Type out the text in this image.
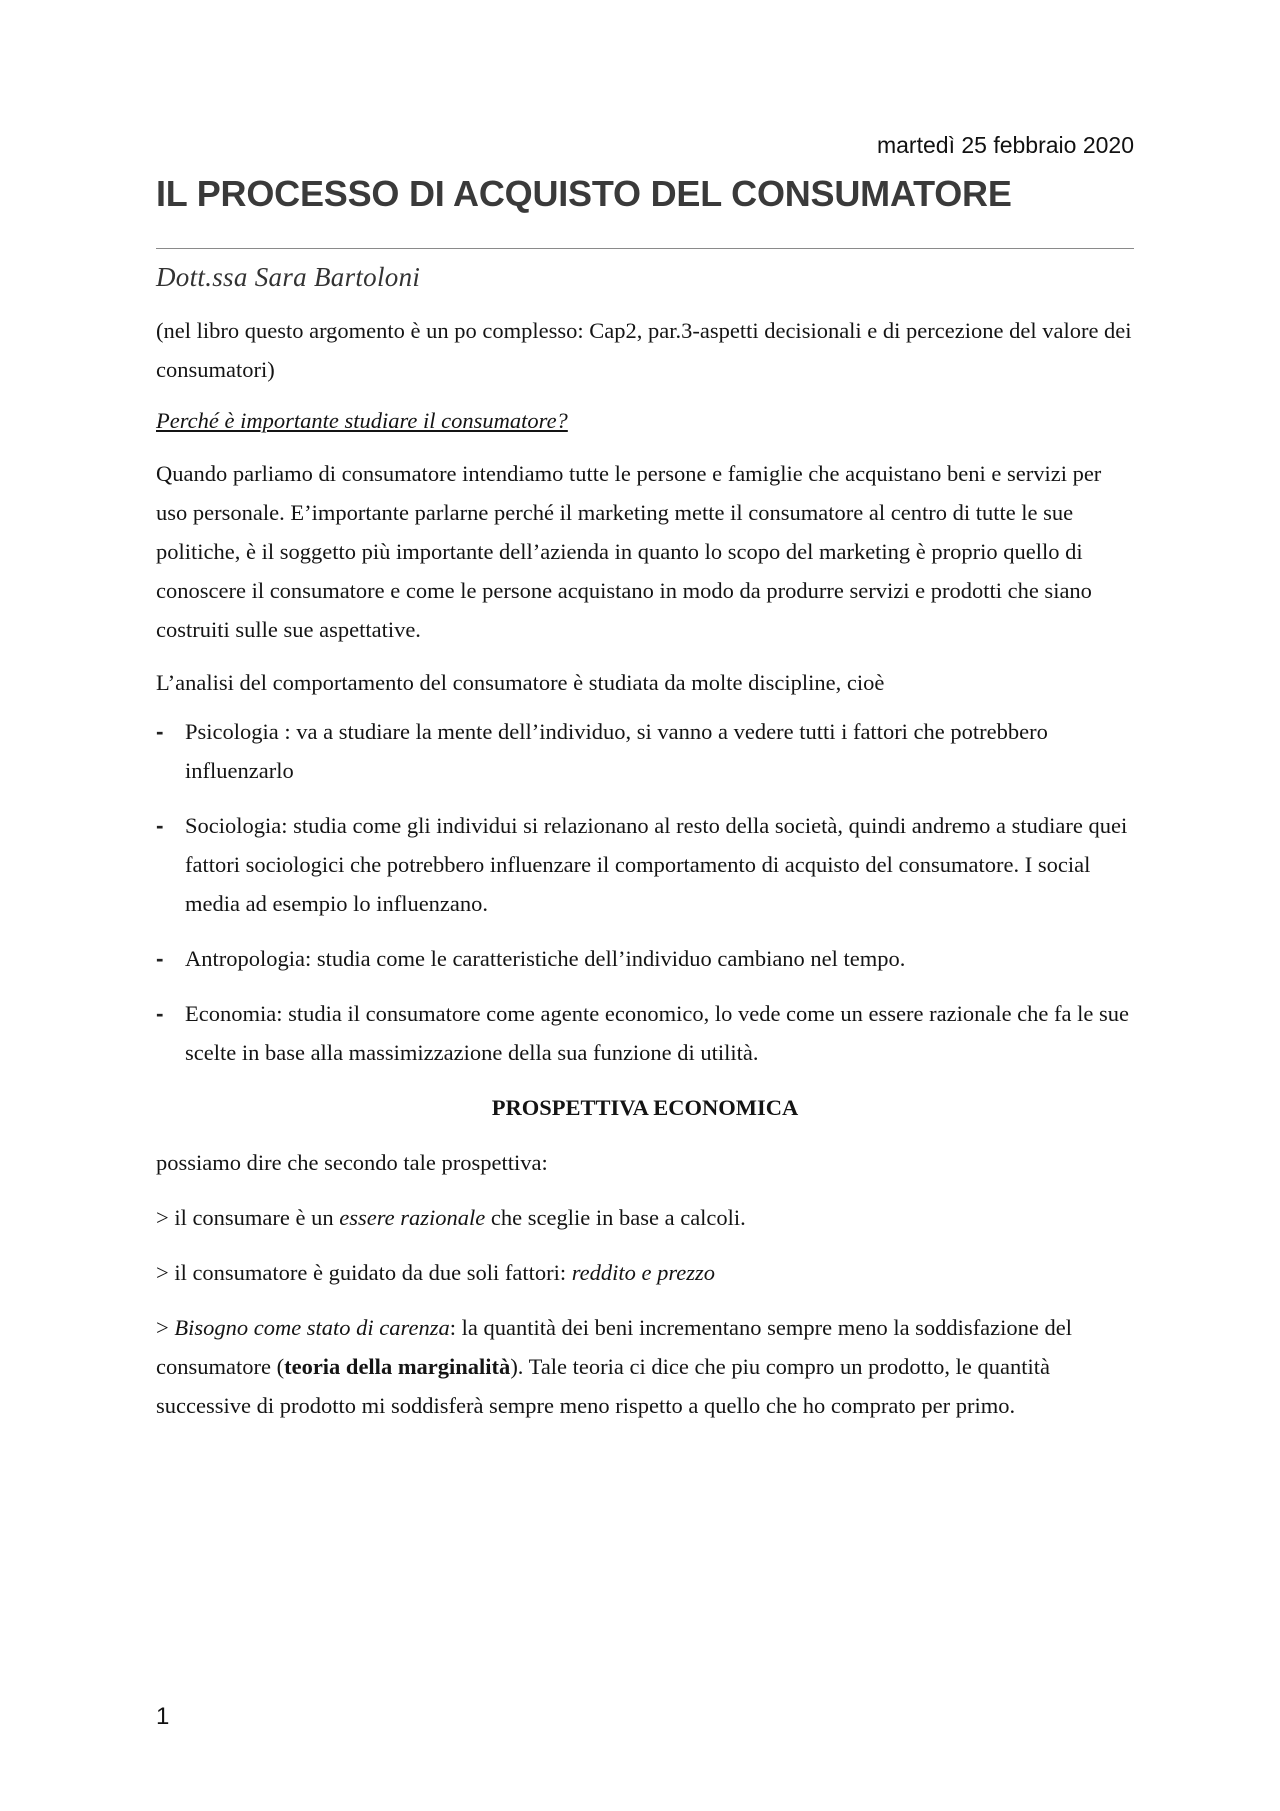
martedì 25 febbraio 2020
IL PROCESSO DI ACQUISTO DEL CONSUMATORE
Dott.ssa Sara Bartoloni

(nel libro questo argomento è un po complesso: Cap2, par.3-aspetti decisionali e di percezione del valore dei consumatori)

Perché è importante studiare il consumatore?

Quando parliamo di consumatore intendiamo tutte le persone e famiglie che acquistano beni e servizi per uso personale. E’importante parlarne perché il marketing mette il consumatore al centro di tutte le sue politiche, è il soggetto più importante dell’azienda in quanto lo scopo del marketing è proprio quello di conoscere il consumatore e come le persone acquistano in modo da produrre servizi e prodotti che siano costruiti sulle sue aspettative.

L’analisi del comportamento del consumatore è studiata da molte discipline, cioè

- Psicologia : va a studiare la mente dell’individuo, si vanno a vedere tutti i fattori che potrebbero influenzarlo
- Sociologia: studia come gli individui si relazionano al resto della società, quindi andremo a studiare quei fattori sociologici che potrebbero influenzare il comportamento di acquisto del consumatore. I social media ad esempio lo influenzano.
- Antropologia: studia come le caratteristiche dell’individuo cambiano nel tempo.
- Economia: studia il consumatore come agente economico, lo vede come un essere razionale che fa le sue scelte in base alla massimizzazione della sua funzione di utilità.

PROSPETTIVA ECONOMICA

possiamo dire che secondo tale prospettiva:

> il consumare è un essere razionale che sceglie in base a calcoli.

> il consumatore è guidato da due soli fattori: reddito e prezzo

> Bisogno come stato di carenza: la quantità dei beni incrementano sempre meno la soddisfazione del consumatore (teoria della marginalità). Tale teoria ci dice che piu compro un prodotto, le quantità successive di prodotto mi soddisferà sempre meno rispetto a quello che ho comprato per primo.

1
